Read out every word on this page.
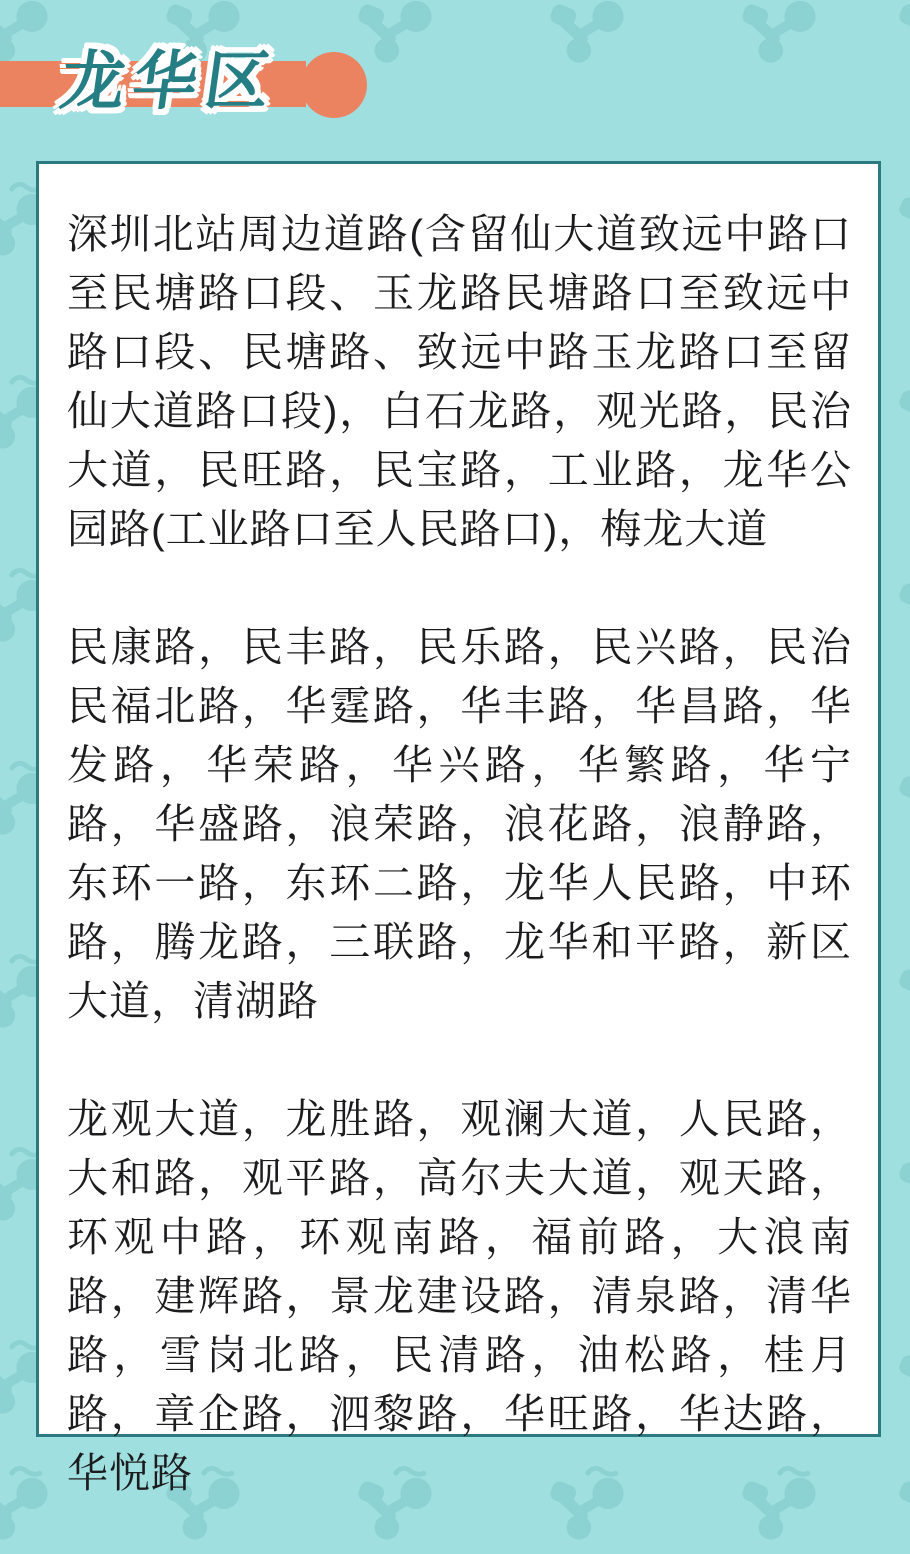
龙华区

深圳北站周边道路(含留仙大道致远中路口至民塘路口段、玉龙路民塘路口至致远中路口段、民塘路、致远中路玉龙路口至留仙大道路口段)，白石龙路，观光路，民治大道，民旺路，民宝路，工业路，龙华公园路(工业路口至人民路口)，梅龙大道

民康路，民丰路，民乐路，民兴路，民治民福北路，华霆路，华丰路，华昌路，华发路，华荣路，华兴路，华繁路，华宁路，华盛路，浪荣路，浪花路，浪静路，东环一路，东环二路，龙华人民路，中环路，腾龙路，三联路，龙华和平路，新区大道，清湖路

龙观大道，龙胜路，观澜大道，人民路，大和路，观平路，高尔夫大道，观天路，环观中路，环观南路，福前路，大浪南路，建辉路，景龙建设路，清泉路，清华路，雪岗北路，民清路，油松路，桂月路，章企路，泗黎路，华旺路，华达路，华悦路
